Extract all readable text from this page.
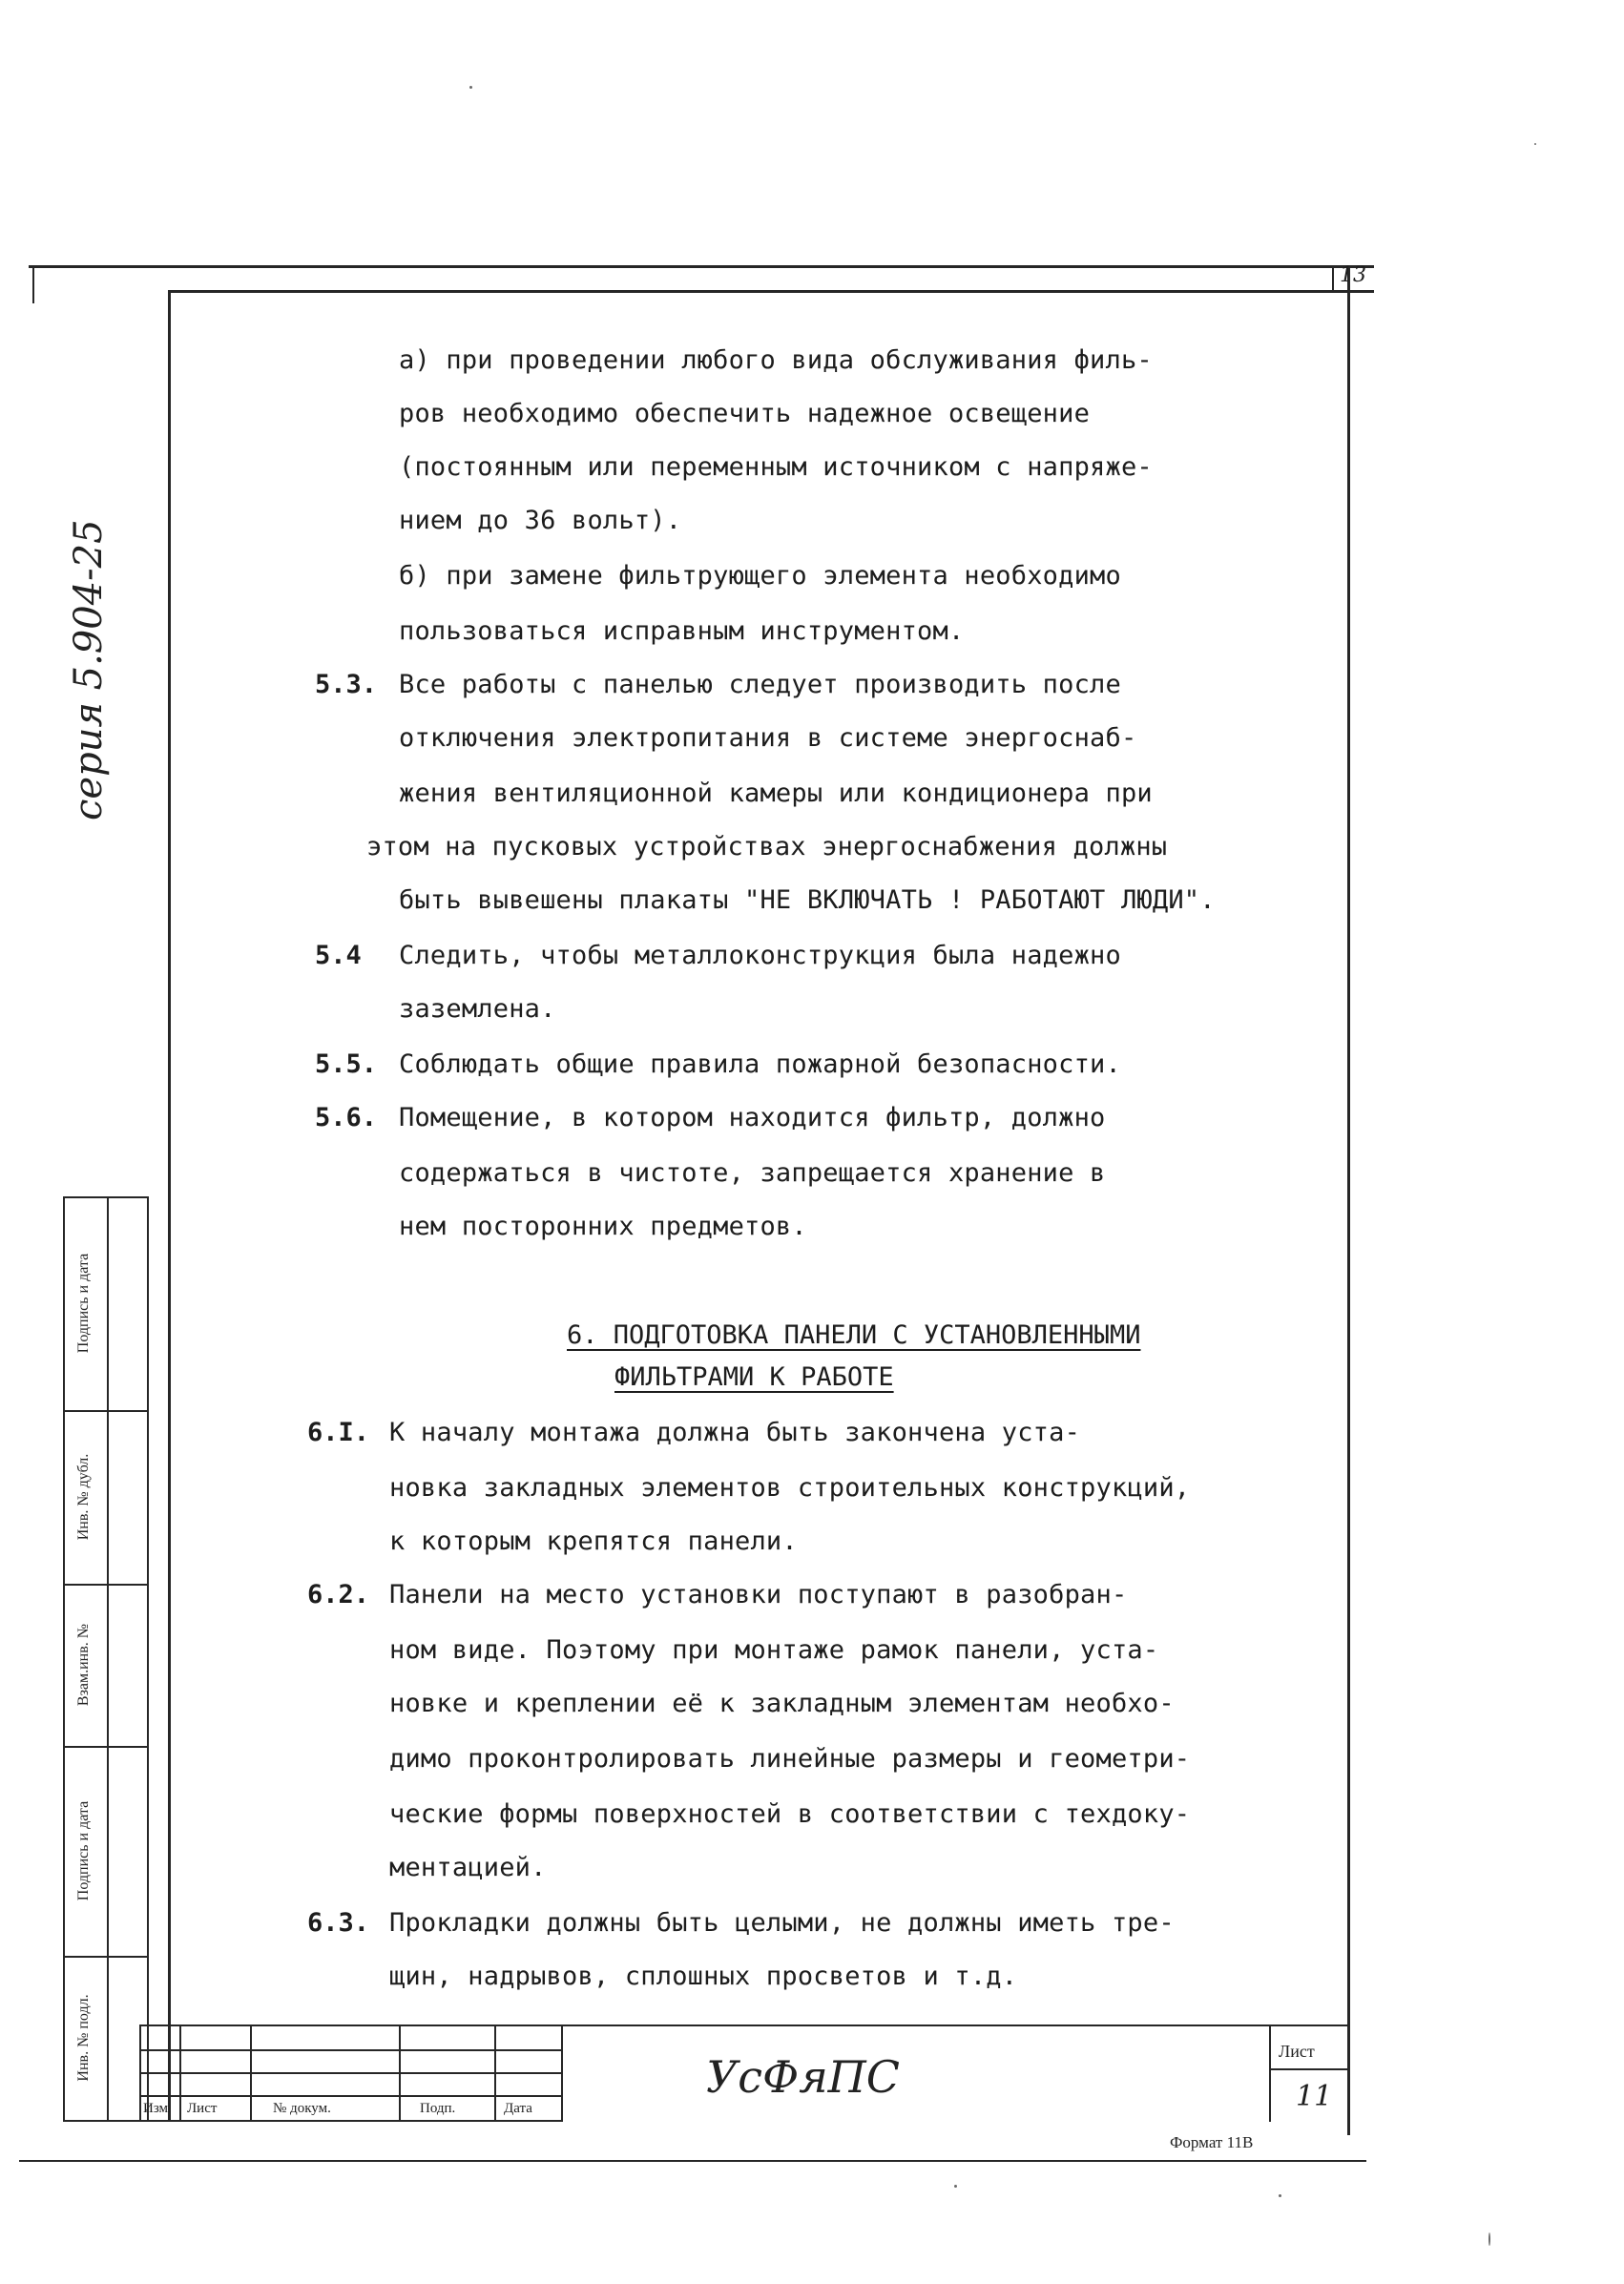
13
серия 5.904-25
Инв. № подл.
Подпись и дата
Взам.инв. №
Инв. № дубл.
Подпись и дата
а) при проведении любого вида обслуживания филь-
ров необходимо обеспечить надежное освещение
(постоянным или переменным источником с напряже-
нием до 36 вольт).
б) при замене фильтрующего элемента необходимо
пользоваться исправным инструментом.
5.3. Все работы с панелью следует производить после
отключения электропитания в системе энергоснаб-
жения вентиляционной камеры или кондиционера при
этом на пусковых устройствах энергоснабжения должны
быть вывешены плакаты "НЕ ВКЛЮЧАТЬ ! РАБОТАЮТ ЛЮДИ".
5.4 Следить, чтобы металлоконструкция была надежно
заземлена.
5.5. Соблюдать общие правила пожарной безопасности.
5.6. Помещение, в котором находится фильтр, должно
содержаться в чистоте, запрещается хранение в
нем посторонних предметов.
6. ПОДГОТОВКА ПАНЕЛИ С УСТАНОВЛЕННЫМИ
ФИЛЬТРАМИ К РАБОТЕ
6.I. К началу монтажа должна быть закончена уста-
новка закладных элементов строительных конструкций,
к которым крепятся панели.
6.2. Панели на место установки поступают в разобран-
ном виде. Поэтому при монтаже рамок панели, уста-
новке и креплении её к закладным элементам необхо-
димо проконтролировать линейные размеры и геометри-
ческие формы поверхностей в соответствии с техдоку-
ментацией.
6.3. Прокладки должны быть целыми, не должны иметь тре-
щин, надрывов, сплошных просветов и т.д.
Изм. Лист	№ докум.	Подп.	Дата
УсФяПС	Лист
11
Формат 11В
